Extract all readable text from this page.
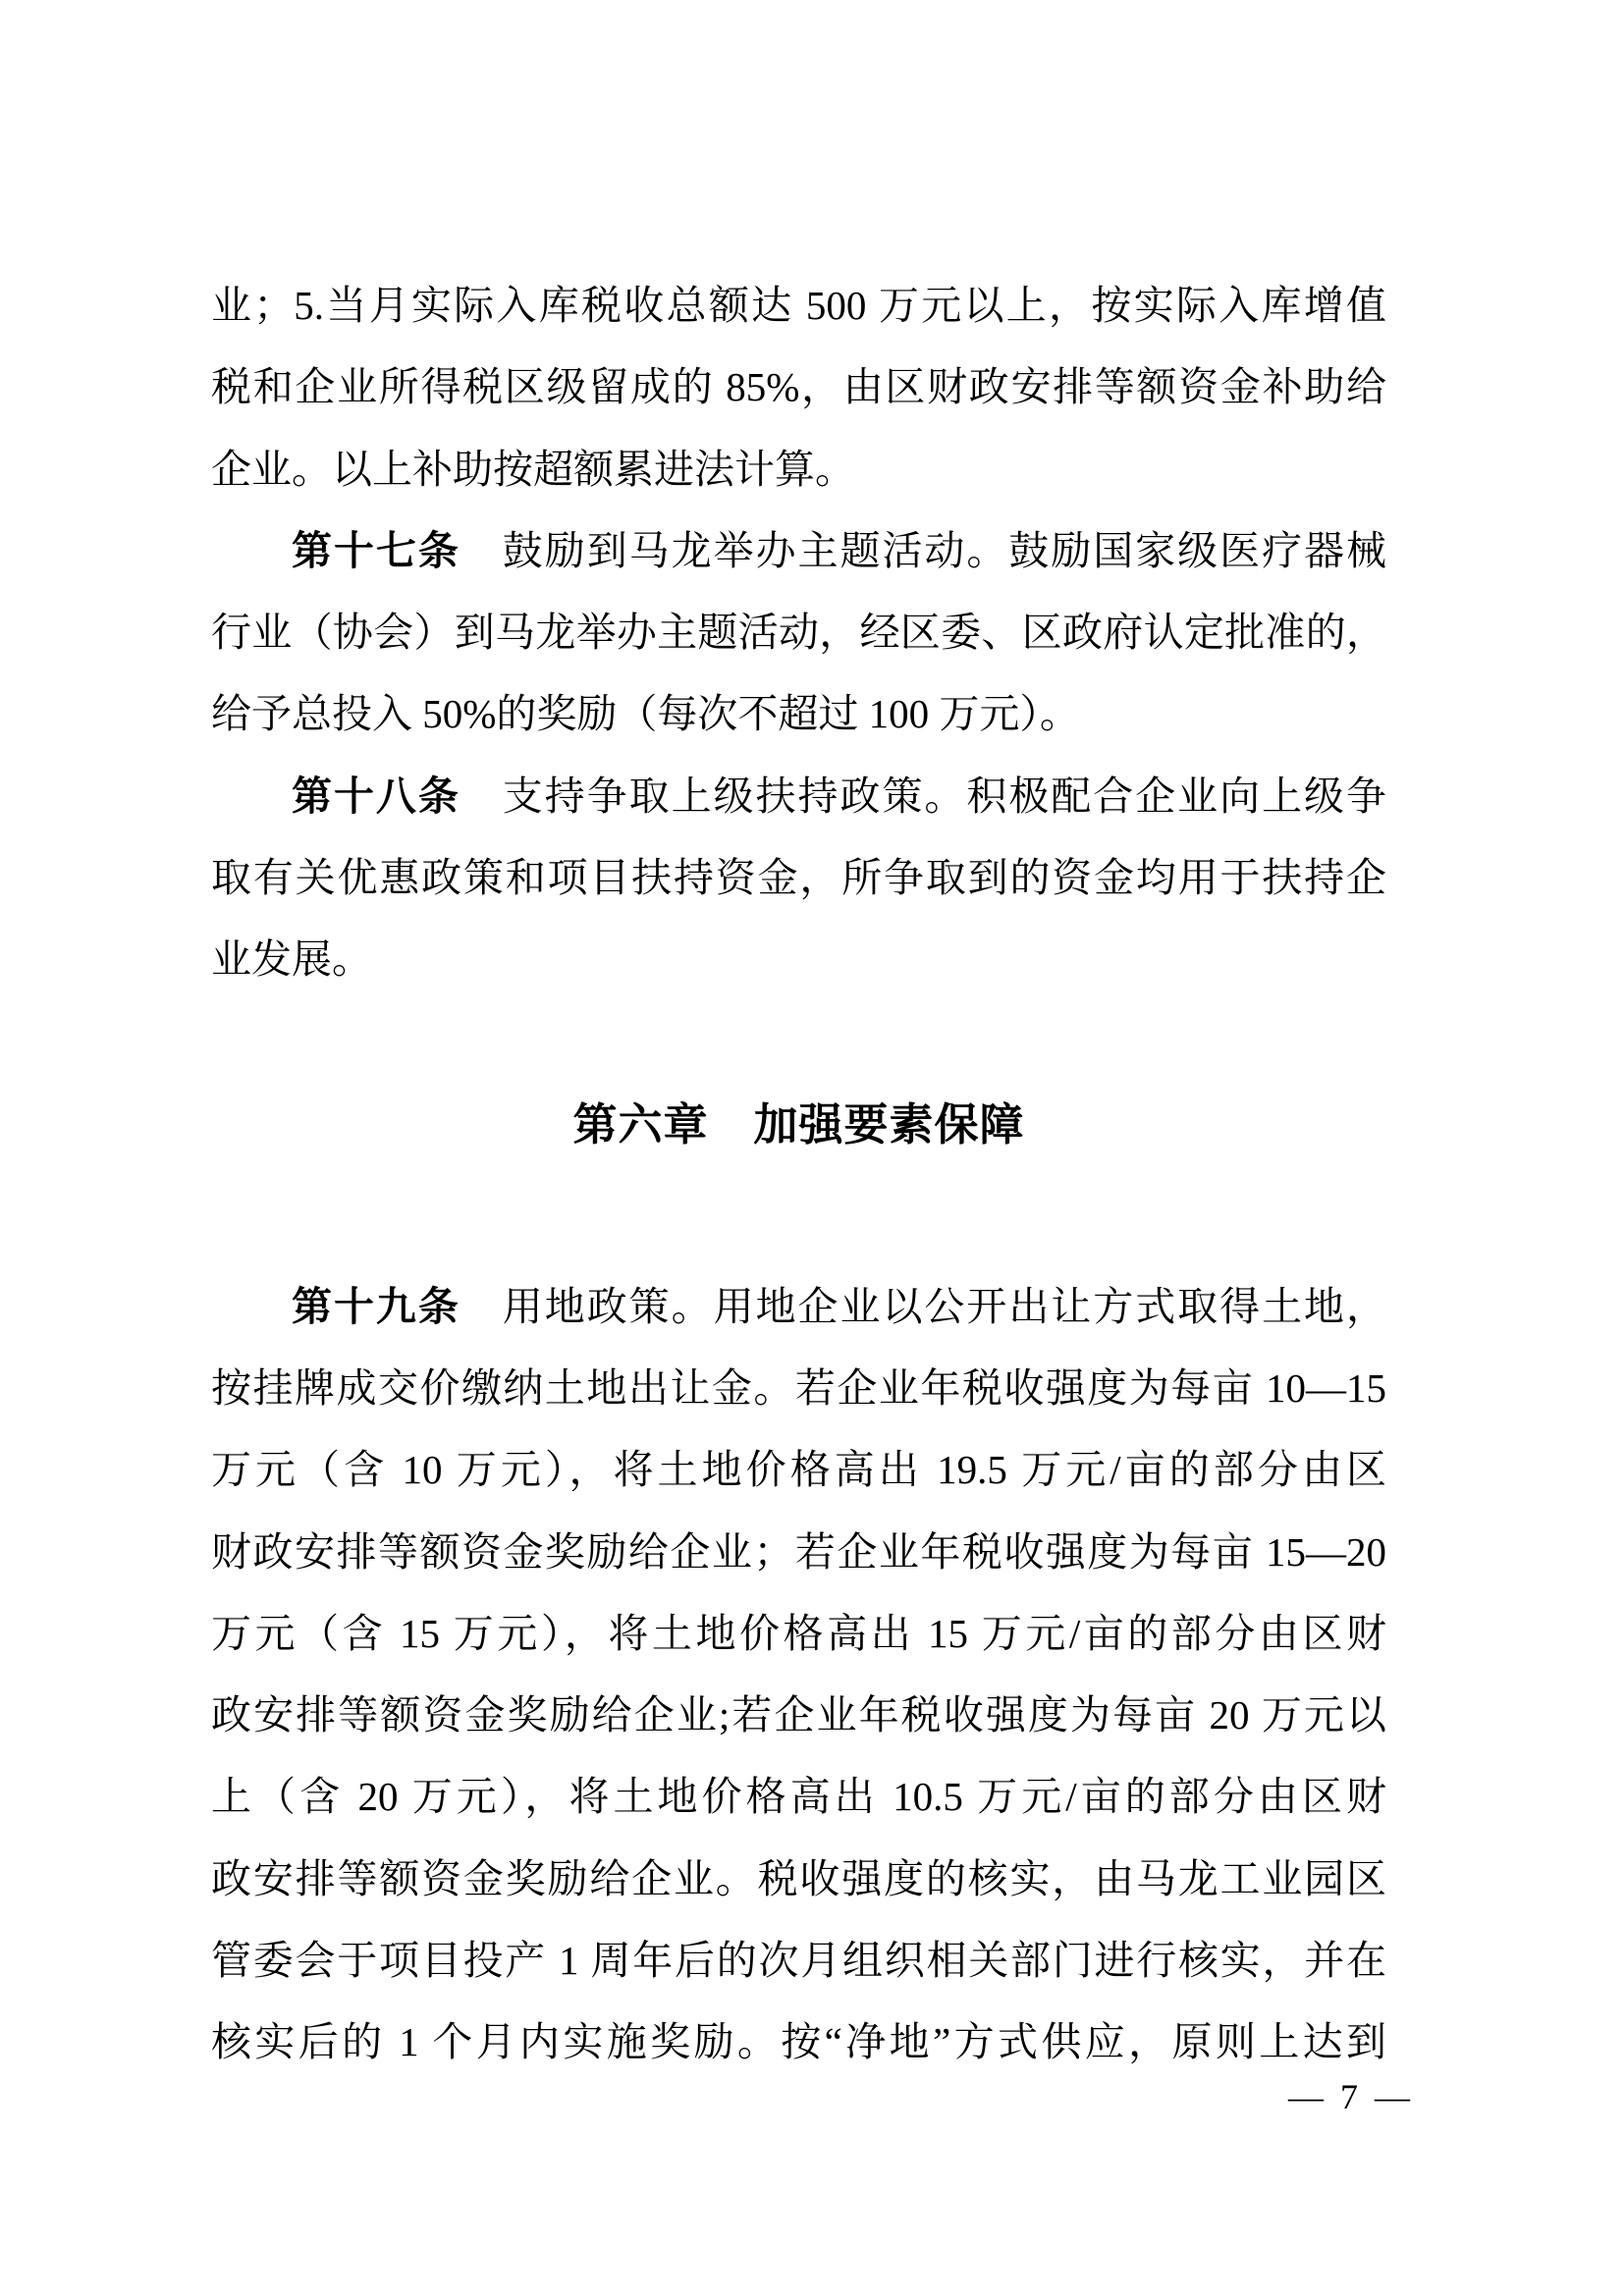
业；5.当月实际入库税收总额达 500 万元以上，按实际入库增值
税和企业所得税区级留成的 85%，由区财政安排等额资金补助给
企业。以上补助按超额累进法计算。
第十七条　鼓励到马龙举办主题活动。鼓励国家级医疗器械
行业（协会）到马龙举办主题活动，经区委、区政府认定批准的，
给予总投入 50%的奖励（每次不超过 100 万元）。
第十八条　支持争取上级扶持政策。积极配合企业向上级争
取有关优惠政策和项目扶持资金，所争取到的资金均用于扶持企
业发展。
第六章　加强要素保障
第十九条　用地政策。用地企业以公开出让方式取得土地，
按挂牌成交价缴纳土地出让金。若企业年税收强度为每亩 10—15
万元（含 10 万元），将土地价格高出 19.5 万元/亩的部分由区
财政安排等额资金奖励给企业；若企业年税收强度为每亩 15—20
万元（含 15 万元），将土地价格高出 15 万元/亩的部分由区财
政安排等额资金奖励给企业;若企业年税收强度为每亩 20 万元以
上（含 20 万元），将土地价格高出 10.5 万元/亩的部分由区财
政安排等额资金奖励给企业。税收强度的核实，由马龙工业园区
管委会于项目投产 1 周年后的次月组织相关部门进行核实，并在
核实后的 1 个月内实施奖励。按“净地”方式供应，原则上达到
— 7 —
